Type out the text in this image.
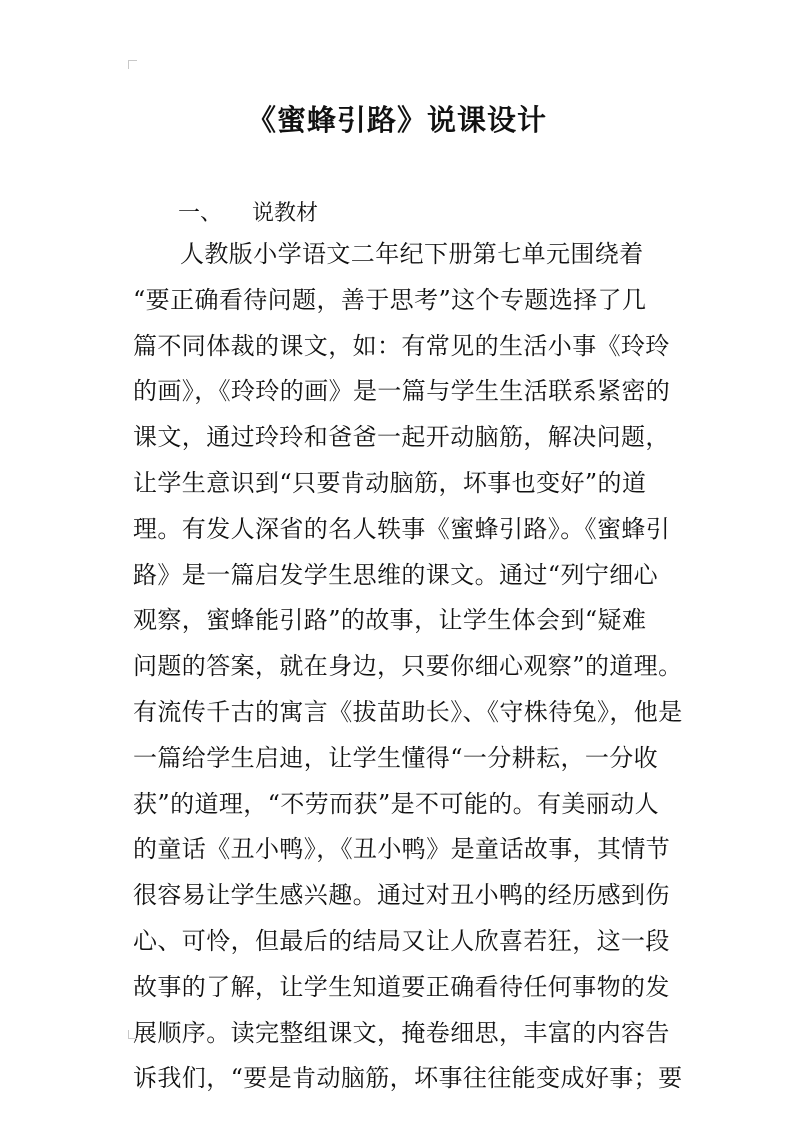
《蜜蜂引路》说课设计

一、 说教材

人教版小学语文二年纪下册第七单元围绕着
“要正确看待问题，善于思考”这个专题选择了几
篇不同体裁的课文，如：有常见的生活小事《玲玲
的画》，《玲玲的画》是一篇与学生生活联系紧密的
课文，通过玲玲和爸爸一起开动脑筋，解决问题，
让学生意识到“只要肯动脑筋，坏事也变好”的道
理。有发人深省的名人轶事《蜜蜂引路》。《蜜蜂引
路》是一篇启发学生思维的课文。通过“列宁细心
观察，蜜蜂能引路”的故事，让学生体会到“疑难
问题的答案，就在身边，只要你细心观察”的道理。
有流传千古的寓言《拔苗助长》、《守株待兔》，他是
一篇给学生启迪，让学生懂得“一分耕耘，一分收
获”的道理，“不劳而获”是不可能的。有美丽动人
的童话《丑小鸭》，《丑小鸭》是童话故事，其情节
很容易让学生感兴趣。通过对丑小鸭的经历感到伤
心、可怜，但最后的结局又让人欣喜若狂，这一段
故事的了解，让学生知道要正确看待任何事物的发
展顺序。读完整组课文，掩卷细思，丰富的内容告
诉我们，“要是肯动脑筋，坏事往往能变成好事；要
